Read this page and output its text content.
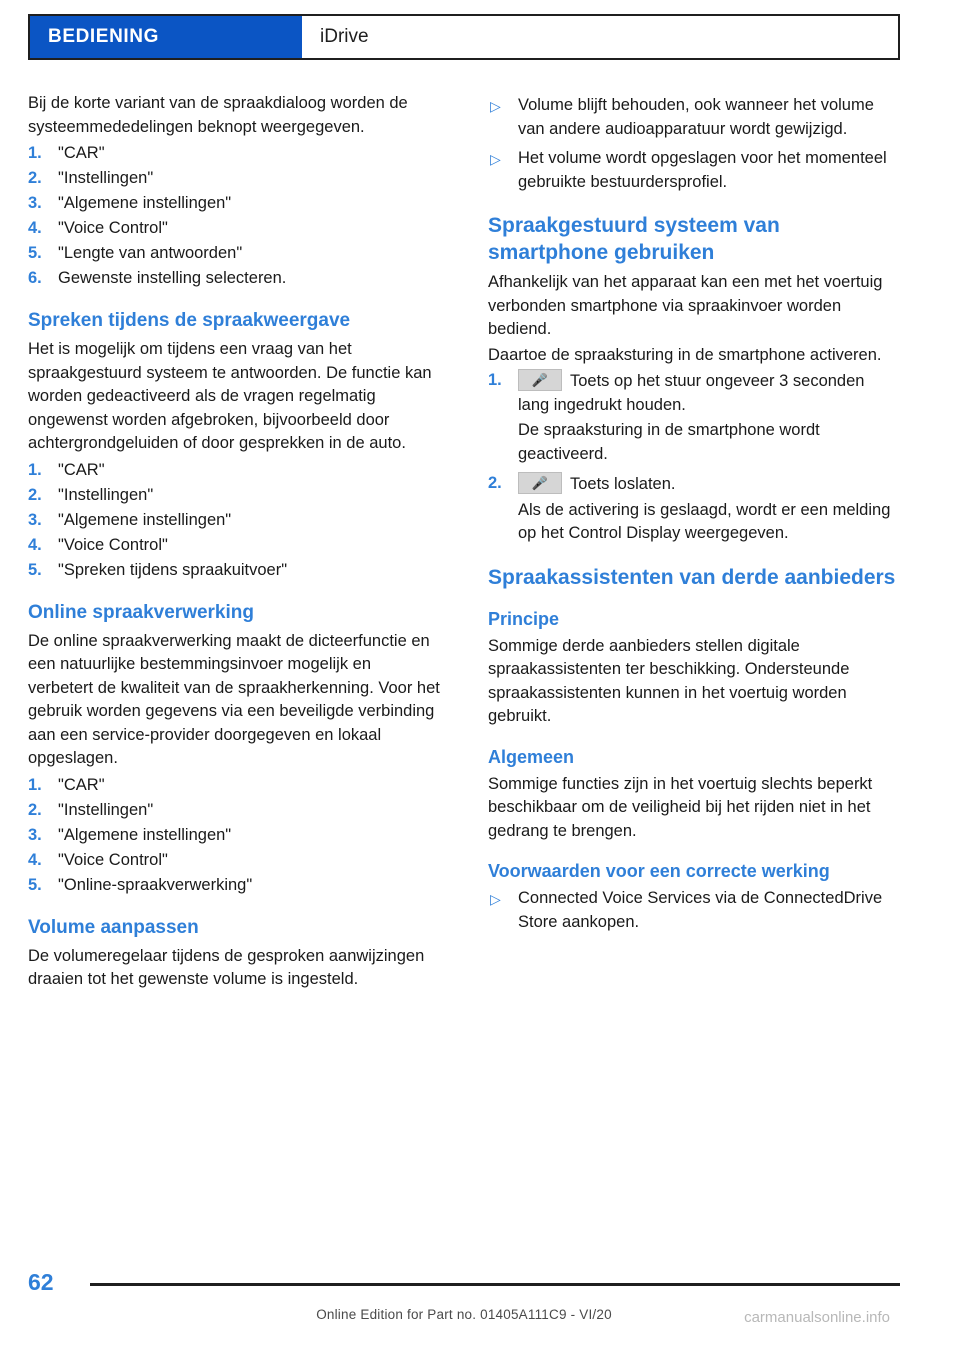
BEDIENING	iDrive

Bij de korte variant van de spraakdialoog worden de systeemmededelingen beknopt weergegeven.

1. "CAR"
2. "Instellingen"
3. "Algemene instellingen"
4. "Voice Control"
5. "Lengte van antwoorden"
6. Gewenste instelling selecteren.
Spreken tijdens de spraakweergave

Het is mogelijk om tijdens een vraag van het spraakgestuurd systeem te antwoorden. De functie kan worden gedeactiveerd als de vragen regelmatig ongewenst worden afgebroken, bijvoorbeeld door achtergrondgeluiden of door gesprekken in de auto.

1. "CAR"
2. "Instellingen"
3. "Algemene instellingen"
4. "Voice Control"
5. "Spreken tijdens spraakuitvoer"
Online spraakverwerking

De online spraakverwerking maakt de dicteerfunctie en een natuurlijke bestemmingsinvoer mogelijk en verbetert de kwaliteit van de spraakherkenning. Voor het gebruik worden gegevens via een beveiligde verbinding aan een service-provider doorgegeven en lokaal opgeslagen.

1. "CAR"
2. "Instellingen"
3. "Algemene instellingen"
4. "Voice Control"
5. "Online-spraakverwerking"
Volume aanpassen

De volumeregelaar tijdens de gesproken aanwijzingen draaien tot het gewenste volume is ingesteld.

▷ Volume blijft behouden, ook wanneer het volume van andere audioapparatuur wordt gewijzigd.
▷ Het volume wordt opgeslagen voor het momenteel gebruikte bestuurdersprofiel.
Spraakgestuurd systeem van smartphone gebruiken

Afhankelijk van het apparaat kan een met het voertuig verbonden smartphone via spraakinvoer worden bediend.

Daartoe de spraaksturing in de smartphone activeren.

1.	🎤	Toets op het stuur ongeveer 3 seconden lang ingedrukt houden.

De spraaksturing in de smartphone wordt geactiveerd.

2.	🎤	Toets loslaten.

Als de activering is geslaagd, wordt er een melding op het Control Display weergegeven.

Spraakassistenten van derde aanbieders
Principe

Sommige derde aanbieders stellen digitale spraakassistenten ter beschikking. Ondersteunde spraakassistenten kunnen in het voertuig worden gebruikt.

Algemeen

Sommige functies zijn in het voertuig slechts beperkt beschikbaar om de veiligheid bij het rijden niet in het gedrang te brengen.

Voorwaarden voor een correcte werking
▷ Connected Voice Services via de ConnectedDrive Store aankopen.
62
Online Edition for Part no. 01405A111C9 - VI/20	carmanualsonline.info
